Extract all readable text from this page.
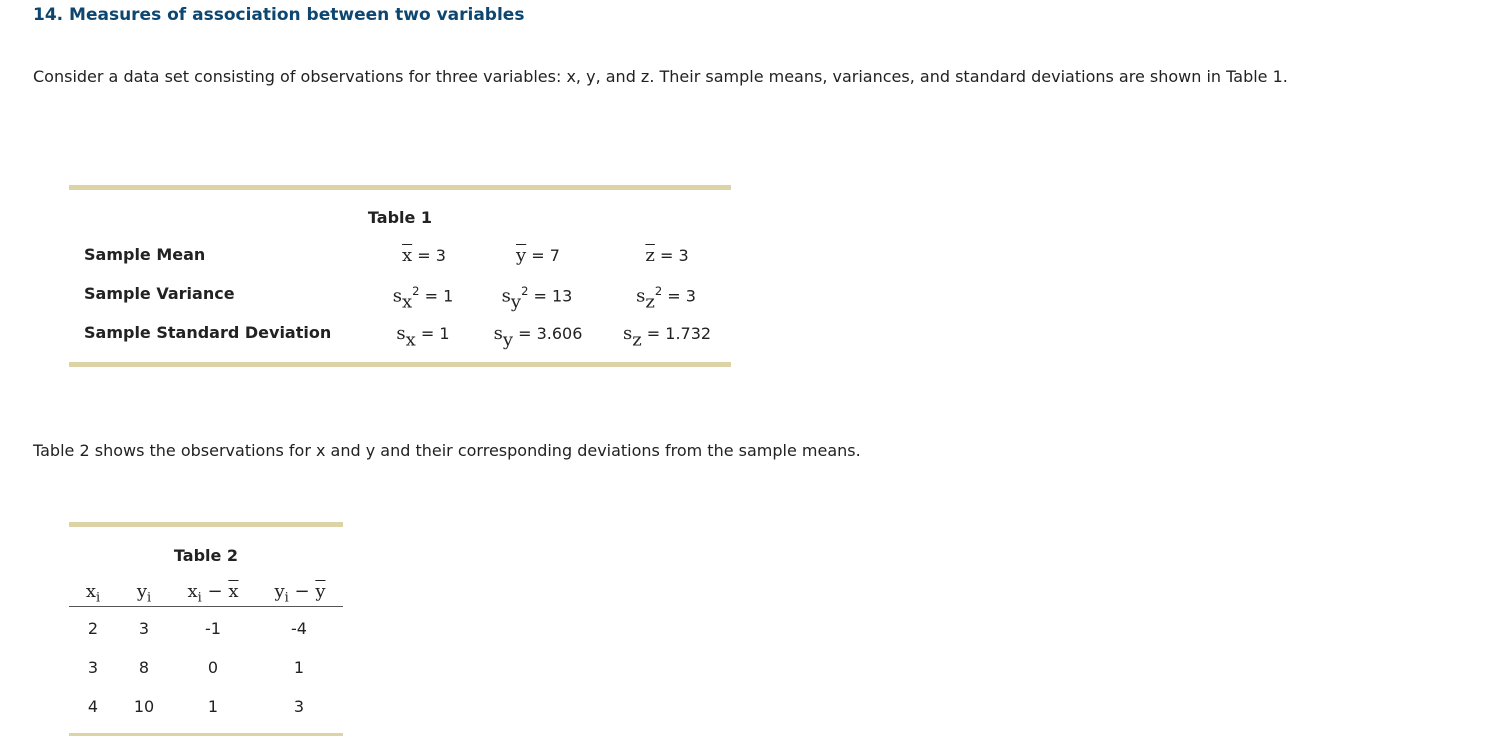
14. Measures of association between two variables
Consider a data set consisting of observations for three variables: x, y, and z. Their sample means, variances, and standard deviations are shown in Table 1.
Table 1
Sample Mean	$\overline{x} = 3$	$\overline{y} = 7$	$\overline{z} = 3$
Sample Variance	$s_x^2 = 1$	$s_y^2 = 13$	$s_z^2 = 3$
Sample Standard Deviation	$s_x = 1$ $s_y = 3.606$ $s_z = 1.732$
Table 2 shows the observations for x and y and their corresponding deviations from the sample means.
Table 2
$x_i$ $y_i$ $x_i - \overline{x}$ $y_i - \overline{y}$
2	3	-1	-4
3	8	0	1
4 10	1	3
